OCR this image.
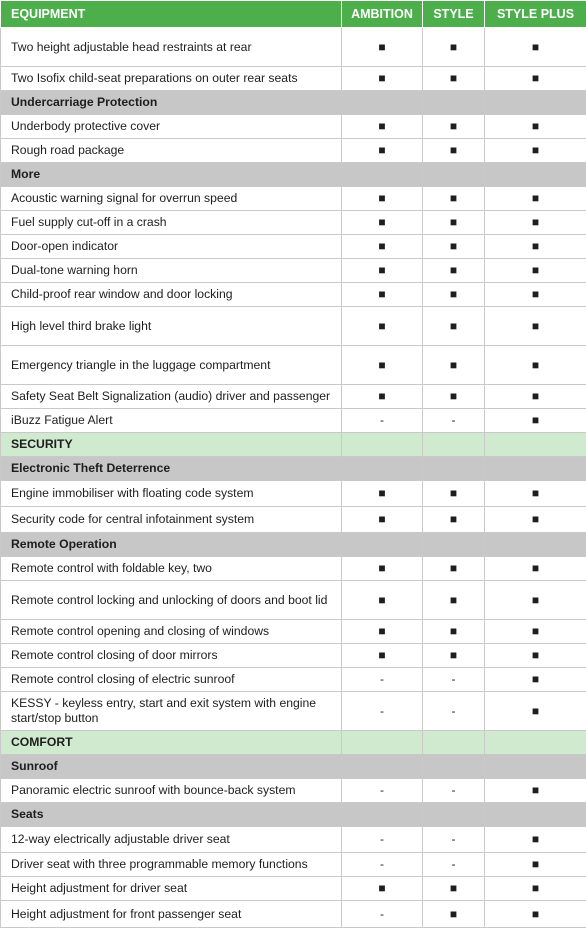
EQUIPMENT	AMBITION	STYLE	STYLE PLUS
Two height adjustable head restraints at rear	■	■	■
Two Isofix child-seat preparations on outer rear seats	■	■	■
Undercarriage Protection			
Underbody protective cover	■	■	■
Rough road package	■	■	■
More			
Acoustic warning signal for overrun speed	■	■	■
Fuel supply cut-off in a crash	■	■	■
Door-open indicator	■	■	■
Dual-tone warning horn	■	■	■
Child-proof rear window and door locking	■	■	■
High level third brake light	■	■	■
Emergency triangle in the luggage compartment	■	■	■
Safety Seat Belt Signalization (audio) driver and passenger	■	■	■
iBuzz Fatigue Alert	-	-	■
SECURITY			
Electronic Theft Deterrence			
Engine immobiliser with floating code system	■	■	■
Security code for central infotainment system	■	■	■
Remote Operation			
Remote control with foldable key, two	■	■	■
Remote control locking and unlocking of doors and boot lid	■	■	■
Remote control opening and closing of windows	■	■	■
Remote control closing of door mirrors	■	■	■
Remote control closing of electric sunroof	-	-	■
KESSY - keyless entry, start and exit system with engine start/stop button	-	-	■
COMFORT			
Sunroof			
Panoramic electric sunroof with bounce-back system	-	-	■
Seats			
12-way electrically adjustable driver seat	-	-	■
Driver seat with three programmable memory functions	-	-	■
Height adjustment for driver seat	■	■	■
Height adjustment for front passenger seat	-	■	■
